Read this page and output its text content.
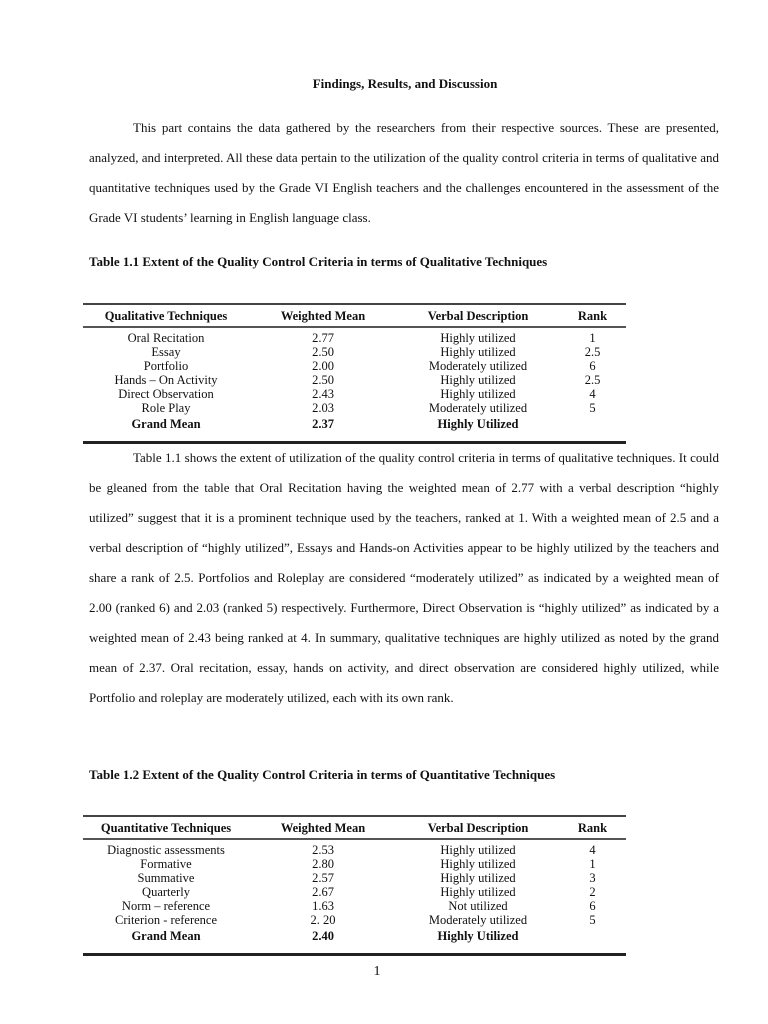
Findings, Results, and Discussion

This part contains the data gathered by the researchers from their respective sources. These are presented, analyzed, and interpreted. All these data pertain to the utilization of the quality control criteria in terms of qualitative and quantitative techniques used by the Grade VI English teachers and the challenges encountered in the assessment of the Grade VI students’ learning in English language class.

Table 1.1 Extent of the Quality Control Criteria in terms of Qualitative Techniques

Qualitative Techniques	Weighted Mean	Verbal Description	Rank
Oral Recitation	2.77	Highly utilized	1
Essay	2.50	Highly utilized	2.5
Portfolio	2.00	Moderately utilized	6
Hands – On Activity	2.50	Highly utilized	2.5
Direct Observation	2.43	Highly utilized	4
Role Play	2.03	Moderately utilized	5
Grand Mean	2.37	Highly Utilized	

Table 1.1 shows the extent of utilization of the quality control criteria in terms of qualitative techniques. It could be gleaned from the table that Oral Recitation having the weighted mean of 2.77 with a verbal description “highly utilized” suggest that it is a prominent technique used by the teachers, ranked at 1. With a weighted mean of 2.5 and a verbal description of “highly utilized”, Essays and Hands-on Activities appear to be highly utilized by the teachers and share a rank of 2.5. Portfolios and Roleplay are considered “moderately utilized” as indicated by a weighted mean of 2.00 (ranked 6) and 2.03 (ranked 5) respectively. Furthermore, Direct Observation is “highly utilized” as indicated by a weighted mean of 2.43 being ranked at 4. In summary, qualitative techniques are highly utilized as noted by the grand mean of 2.37. Oral recitation, essay, hands on activity, and direct observation are considered highly utilized, while Portfolio and roleplay are moderately utilized, each with its own rank.

Table 1.2 Extent of the Quality Control Criteria in terms of Quantitative Techniques

Quantitative Techniques	Weighted Mean	Verbal Description	Rank
Diagnostic assessments	2.53	Highly utilized	4
Formative	2.80	Highly utilized	1
Summative	2.57	Highly utilized	3
Quarterly	2.67	Highly utilized	2
Norm – reference	1.63	Not utilized	6
Criterion - reference	2. 20	Moderately utilized	5
Grand Mean	2.40	Highly Utilized	

1
